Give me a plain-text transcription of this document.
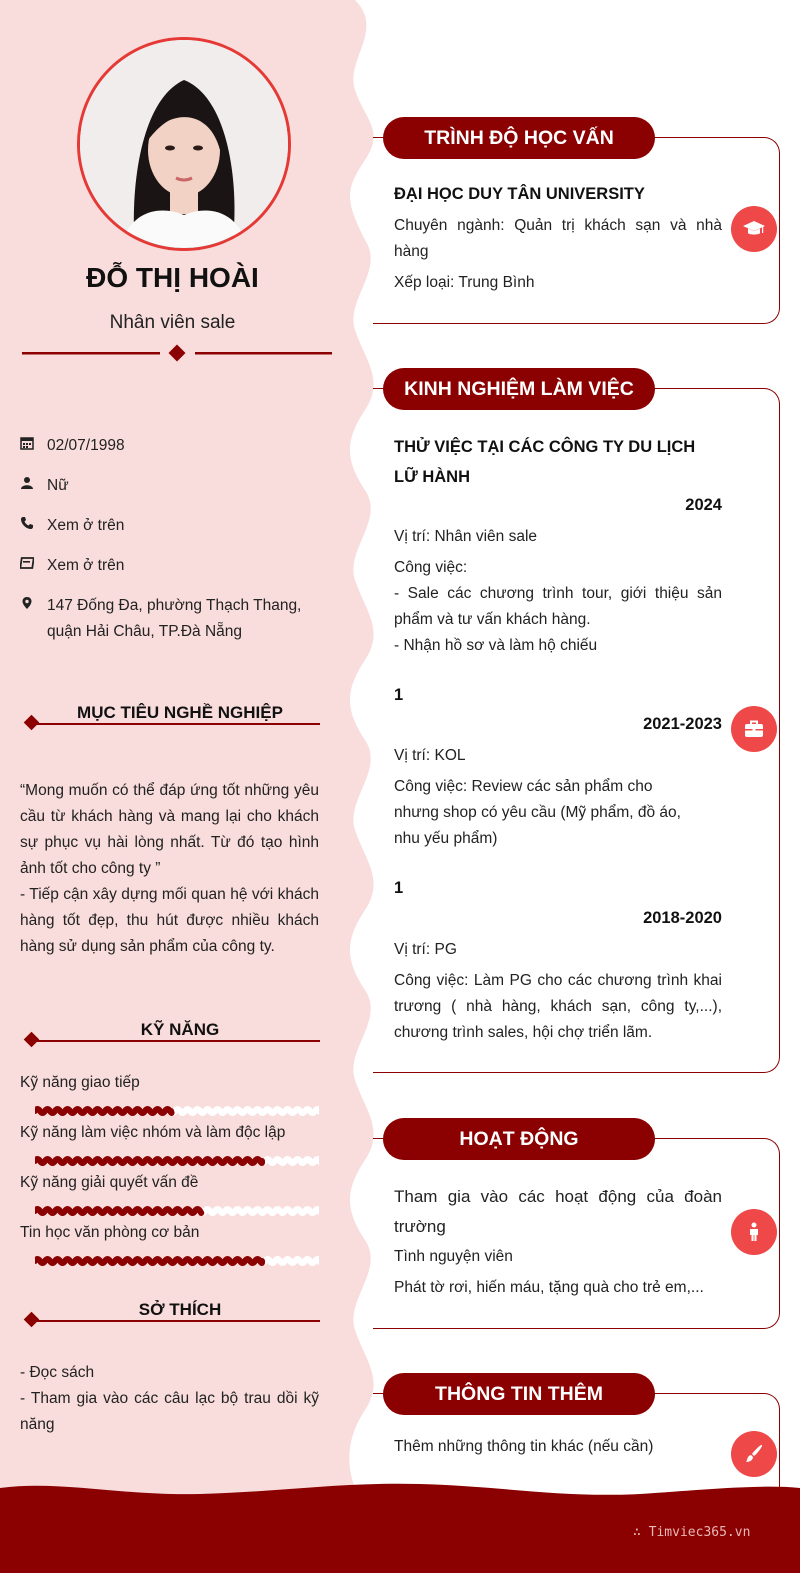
ĐỖ THỊ HOÀI
Nhân viên sale
02/07/1998
Nữ
Xem ở trên
Xem ở trên
147 Đống Đa, phường Thạch Thang, quận Hải Châu, TP.Đà Nẵng
MỤC TIÊU NGHỀ NGHIỆP
“Mong muốn có thể đáp ứng tốt những yêu cầu từ khách hàng và mang lại cho khách sự phục vụ hài lòng nhất. Từ đó tạo hình ảnh tốt cho công ty ”
- Tiếp cận xây dựng mối quan hệ với khách hàng tốt đẹp, thu hút được nhiều khách hàng sử dụng sản phẩm của công ty.
KỸ NĂNG
Kỹ năng giao tiếp
Kỹ năng làm việc nhóm và làm độc lập
Kỹ năng giải quyết vấn đề
Tin học văn phòng cơ bản
SỞ THÍCH
- Đọc sách
- Tham gia vào các câu lạc bộ trau dồi kỹ năng
TRÌNH ĐỘ HỌC VẤN
ĐẠI HỌC DUY TÂN UNIVERSITY
Chuyên ngành: Quản trị khách sạn và nhà hàng
Xếp loại: Trung Bình
KINH NGHIỆM LÀM VIỆC
THỬ VIỆC TẠI CÁC CÔNG TY DU LỊCH LỮ HÀNH
2024
Vị trí: Nhân viên sale
Công việc:
- Sale các chương trình tour, giới thiệu sản phẩm và tư vấn khách hàng.
- Nhận hồ sơ và làm hộ chiếu
1
2021-2023
Vị trí: KOL
Công việc: Review các sản phẩm cho
nhưng shop có yêu cầu (Mỹ phẩm, đồ áo,
nhu yếu phẩm)
1
2018-2020
Vị trí: PG
Công việc: Làm PG cho các chương trình khai trương ( nhà hàng, khách sạn, công ty,...), chương trình sales, hội chợ triển lãm.
HOẠT ĐỘNG
Tham gia vào các hoạt động của đoàn trường
Tình nguyện viên
Phát tờ rơi, hiến máu, tặng quà cho trẻ em,...
THÔNG TIN THÊM
Thêm những thông tin khác (nếu cần)
∴ Timviec365.vn
